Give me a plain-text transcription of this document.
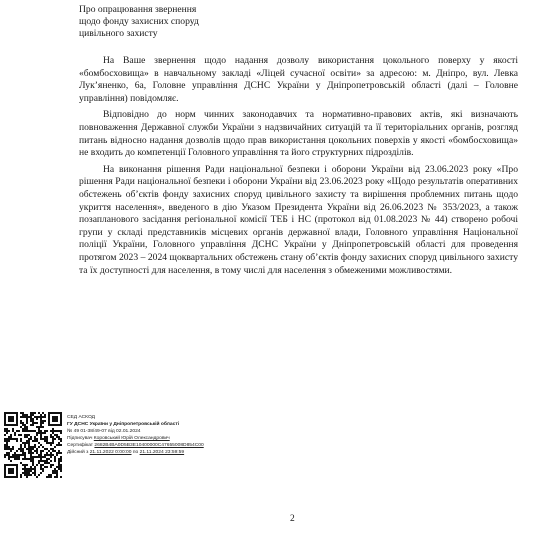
Про опрацювання звернення
щодо фонду захисних споруд
цивільного захисту

На Ваше звернення щодо надання дозволу використання цокольного поверху у якості «бомбосховища» в навчальному закладі «Ліцей сучасної освіти» за адресою: м. Дніпро, вул. Левка Лук’яненко, 6а, Головне управління ДСНС України у Дніпропетровській області (далі – Головне управління) повідомляє.

Відповідно до норм чинних законодавчих та нормативно-правових актів, які визначають повноваження Державної служби України з надзвичайних ситуацій та її територіальних органів, розгляд питань відносно надання дозволів щодо прав використання цокольних поверхів у якості «бомбосховища» не входить до компетенції Головного управління та його структурних підрозділів.

На виконання рішення Ради національної безпеки і оборони України від 23.06.2023 року «Про рішення Ради національної безпеки і оборони України від 23.06.2023 року «Щодо результатів оперативних обстежень об’єктів фонду захисних споруд цивільного захисту та вирішення проблемних питань щодо укриття населення», введеного в дію Указом Президента України від 26.06.2023 № 353/2023, а також позапланового засідання регіональної комісії ТЕБ і НС (протокол від 01.08.2023 № 44) створено робочі групи у складі представників місцевих органів державної влади, Головного управління Національної поліції України, Головного управління ДСНС України у Дніпропетровській області для проведення протягом 2023 – 2024 щоквартальних обстежень стану об’єктів фонду захисних споруд цивільного захисту та їх доступності для населення, в тому числі для населення з обмеженими можливостями.

СЕД АСКОД
ГУ ДСНС України у Дніпропетровській області
№ 49 01-38/49-07 від 02.01.2024
Підписувач Коровський Юрій Олександрович
Сертифікат 2682B4BA0D5B3E10400000C47655008D854C00
Дійсний з 21.11.2022 0:00:00 по 21.11.2024 23:59:59
2
